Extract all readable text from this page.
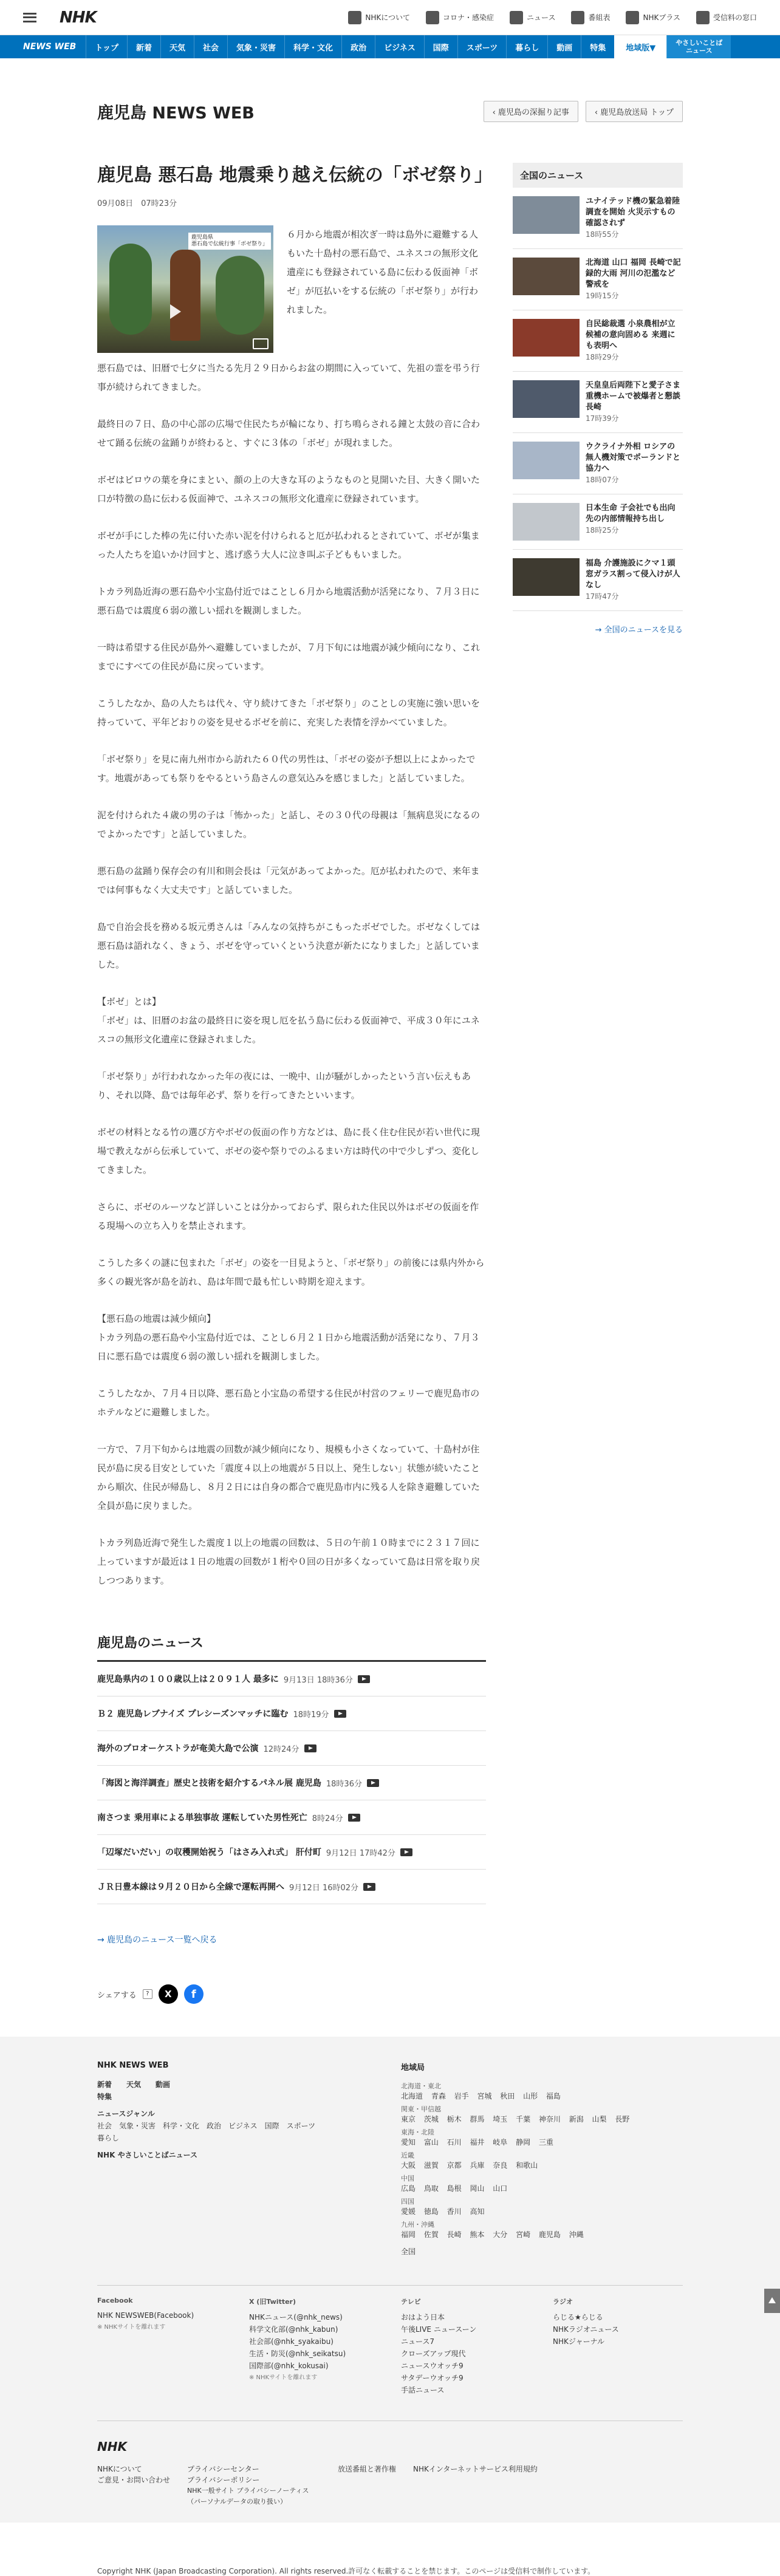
NHK	NHKについて	コロナ・感染症	ニュース	番組表	NHKプラス	受信料の窓口
NEWS WEB	トップ	新着	天気	社会	気象・災害	科学・文化	政治	ビジネス	国際	スポーツ	暮らし	動画	特集	地域版▼
やさしいことば
ニュース
鹿児島 NEWS WEB	‹ 鹿児島の深掘り記事	‹ 鹿児島放送局 トップ
鹿児島 悪石島 地震乗り越え伝統の「ボゼ祭り」
09月08日　07時23分
鹿児島県
悪石島で伝統行事「ボゼ祭り」

６月から地震が相次ぎ一時は島外に避難する人もいた十島村の悪石島で、ユネスコの無形文化遺産にも登録されている島に伝わる仮面神「ボゼ」が厄払いをする伝統の「ボゼ祭り」が行われました。

悪石島では、旧暦で七夕に当たる先月２９日からお盆の期間に入っていて、先祖の霊を弔う行事が続けられてきました。

最終日の７日、島の中心部の広場で住民たちが輪になり、打ち鳴らされる鐘と太鼓の音に合わせて踊る伝統の盆踊りが終わると、すぐに３体の「ボゼ」が現れました。

ボゼはビロウの葉を身にまとい、顔の上の大きな耳のようなものと見開いた目、大きく開いた口が特徴の島に伝わる仮面神で、ユネスコの無形文化遺産に登録されています。

ボゼが手にした棒の先に付いた赤い泥を付けられると厄が払われるとされていて、ボゼが集まった人たちを追いかけ回すと、逃げ惑う大人に泣き叫ぶ子どももいました。

トカラ列島近海の悪石島や小宝島付近ではことし６月から地震活動が活発になり、７月３日に悪石島では震度６弱の激しい揺れを観測しました。

一時は希望する住民が島外へ避難していましたが、７月下旬には地震が減少傾向になり、これまでにすべての住民が島に戻っています。

こうしたなか、島の人たちは代々、守り続けてきた「ボゼ祭り」のことしの実施に強い思いを持っていて、平年どおりの姿を見せるボゼを前に、充実した表情を浮かべていました。

「ボゼ祭り」を見に南九州市から訪れた６０代の男性は、「ボゼの姿が予想以上によかったです。地震があっても祭りをやるという島さんの意気込みを感じました」と話していました。

泥を付けられた４歳の男の子は「怖かった」と話し、その３０代の母親は「無病息災になるのでよかったです」と話していました。

悪石島の盆踊り保存会の有川和則会長は「元気があってよかった。厄が払われたので、来年までは何事もなく大丈夫です」と話していました。

島で自治会長を務める坂元勇さんは「みんなの気持ちがこもったボゼでした。ボゼなくしては悪石島は語れなく、きょう、ボゼを守っていくという決意が新たになりました」と話していました。

【ボゼ」とは】
「ボゼ」は、旧暦のお盆の最終日に姿を現し厄を払う島に伝わる仮面神で、平成３０年にユネスコの無形文化遺産に登録されました。

「ボゼ祭り」が行われなかった年の夜には、一晩中、山が騒がしかったという言い伝えもあり、それ以降、島では毎年必ず、祭りを行ってきたといいます。

ボゼの材料となる竹の選び方やボゼの仮面の作り方などは、島に長く住む住民が若い世代に現場で教えながら伝承していて、ボゼの姿や祭りでのふるまい方は時代の中で少しずつ、変化してきました。

さらに、ボゼのルーツなど詳しいことは分かっておらず、限られた住民以外はボゼの仮面を作る現場への立ち入りを禁止されます。

こうした多くの謎に包まれた「ボゼ」の姿を一目見ようと、「ボゼ祭り」の前後には県内外から多くの観光客が島を訪れ、島は年間で最も忙しい時期を迎えます。

【悪石島の地震は減少傾向】
トカラ列島の悪石島や小宝島付近では、ことし６月２１日から地震活動が活発になり、７月３日に悪石島では震度６弱の激しい揺れを観測しました。

こうしたなか、７月４日以降、悪石島と小宝島の希望する住民が村営のフェリーで鹿児島市のホテルなどに避難しました。

一方で、７月下旬からは地震の回数が減少傾向になり、規模も小さくなっていて、十島村が住民が島に戻る目安としていた「震度４以上の地震が５日以上、発生しない」状態が続いたことから順次、住民が帰島し、８月２日には自身の都合で鹿児島市内に残る人を除き避難していた全員が島に戻りました。

トカラ列島近海で発生した震度１以上の地震の回数は、５日の午前１０時までに２３１７回に上っていますが最近は１日の地震の回数が１桁や０回の日が多くなっていて島は日常を取り戻しつつあります。

鹿児島のニュース
鹿児島県内の１００歳以上は２０９１人 最多に 9月13日 18時36分
Ｂ２ 鹿児島レブナイズ プレシーズンマッチに臨む 18時19分
海外のプロオーケストラが奄美大島で公演 12時24分
「海図と海洋調査」歴史と技術を紹介するパネル展 鹿児島 18時36分
南さつま 乗用車による単独事故 運転していた男性死亡 8時24分
「辺塚だいだい」の収穫開始祝う「はさみ入れ式」 肝付町 9月12日 17時42分
ＪＲ日豊本線は９月２０日から全線で運転再開へ 9月12日 16時02分
→ 鹿児島のニュース一覧へ戻る
シェアする	?	X	f
全国のニュース
ユナイテッド機の緊急着陸 調査を開始 火災示すもの確認されず
18時55分
北海道 山口 福岡 長崎で記録的大雨 河川の氾濫など警戒を
19時15分
自民総裁選 小泉農相が立候補の意向固める 来週にも表明へ
18時29分
天皇皇后両陛下と愛子さま 重機ホームで被爆者と懇談 長崎
17時39分
ウクライナ外相 ロシアの無人機対策でポーランドと協力へ
18時07分
日本生命 子会社でも出向先の内部情報持ち出し
18時25分
福島 介護施設にクマ１頭 窓ガラス割って侵入けが人なし
17時47分
→ 全国のニュースを見る
NHK NEWS WEB
新着　　天気　　動画
特集
ニュースジャンル
社会　気象・災害　科学・文化　政治　ビジネス　国際　スポーツ
暮らし
NHK やさしいことばニュース
地域局
北海道・東北
北海道 青森 岩手 宮城 秋田 山形 福島
関東・甲信越
東京 茨城 栃木 群馬 埼玉 千葉 神奈川 新潟 山梨 長野
東海・北陸
愛知 富山 石川 福井 岐阜 静岡 三重
近畿
大阪 滋賀 京都 兵庫 奈良 和歌山
中国
広島 鳥取 島根 岡山 山口
四国
愛媛 徳島 香川 高知
九州・沖縄
福岡 佐賀 長崎 熊本 大分 宮崎 鹿児島 沖縄
全国
Facebook
NHK NEWSWEB(Facebook)
※ NHKサイトを離れます
X (旧Twitter)
NHKニュース(@nhk_news)
科学文化部(@nhk_kabun)
社会部(@nhk_syakaibu)
生活・防災(@nhk_seikatsu)
国際部(@nhk_kokusai)
※ NHKサイトを離れます
テレビ
おはよう日本
午後LIVE ニュースーン
ニュース7
クローズアップ現代
ニュースウオッチ9
サタデーウオッチ9
手話ニュース
ラジオ
らじる★らじる
NHKラジオニュース
NHKジャーナル
NHK
NHKについて
ご意見・お問い合わせ
プライバシーセンター
プライバシーポリシー
NHK一般サイト プライバシーノーティス（パーソナルデータの取り扱い）
放送番組と著作権 NHKインターネットサービス利用規約
Copyright NHK (Japan Broadcasting Corporation). All rights reserved.許可なく転載することを禁じます。このページは受信料で制作しています。
